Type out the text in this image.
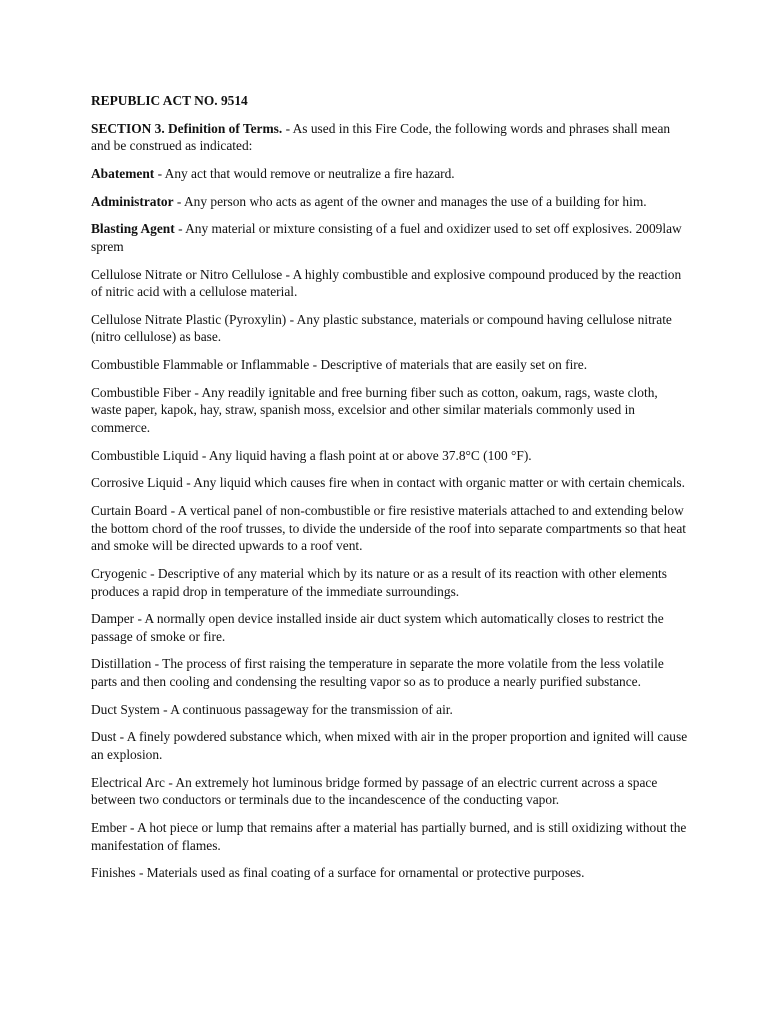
REPUBLIC ACT NO. 9514
SECTION 3. Definition of Terms. - As used in this Fire Code, the following words and phrases shall mean and be construed as indicated:
Abatement - Any act that would remove or neutralize a fire hazard.
Administrator - Any person who acts as agent of the owner and manages the use of a building for him.
Blasting Agent - Any material or mixture consisting of a fuel and oxidizer used to set off explosives. 2009law sprem
Cellulose Nitrate or Nitro Cellulose - A highly combustible and explosive compound produced by the reaction of nitric acid with a cellulose material.
Cellulose Nitrate Plastic (Pyroxylin) - Any plastic substance, materials or compound having cellulose nitrate (nitro cellulose) as base.
Combustible Flammable or Inflammable - Descriptive of materials that are easily set on fire.
Combustible Fiber - Any readily ignitable and free burning fiber such as cotton, oakum, rags, waste cloth, waste paper, kapok, hay, straw, spanish moss, excelsior and other similar materials commonly used in commerce.
Combustible Liquid - Any liquid having a flash point at or above 37.8°C (100 °F).
Corrosive Liquid - Any liquid which causes fire when in contact with organic matter or with certain chemicals.
Curtain Board - A vertical panel of non-combustible or fire resistive materials attached to and extending below the bottom chord of the roof trusses, to divide the underside of the roof into separate compartments so that heat and smoke will be directed upwards to a roof vent.
Cryogenic - Descriptive of any material which by its nature or as a result of its reaction with other elements produces a rapid drop in temperature of the immediate surroundings.
Damper - A normally open device installed inside air duct system which automatically closes to restrict the passage of smoke or fire.
Distillation - The process of first raising the temperature in separate the more volatile from the less volatile parts and then cooling and condensing the resulting vapor so as to produce a nearly purified substance.
Duct System - A continuous passageway for the transmission of air.
Dust - A finely powdered substance which, when mixed with air in the proper proportion and ignited will cause an explosion.
Electrical Arc - An extremely hot luminous bridge formed by passage of an electric current across a space between two conductors or terminals due to the incandescence of the conducting vapor.
Ember - A hot piece or lump that remains after a material has partially burned, and is still oxidizing without the manifestation of flames.
Finishes - Materials used as final coating of a surface for ornamental or protective purposes.
